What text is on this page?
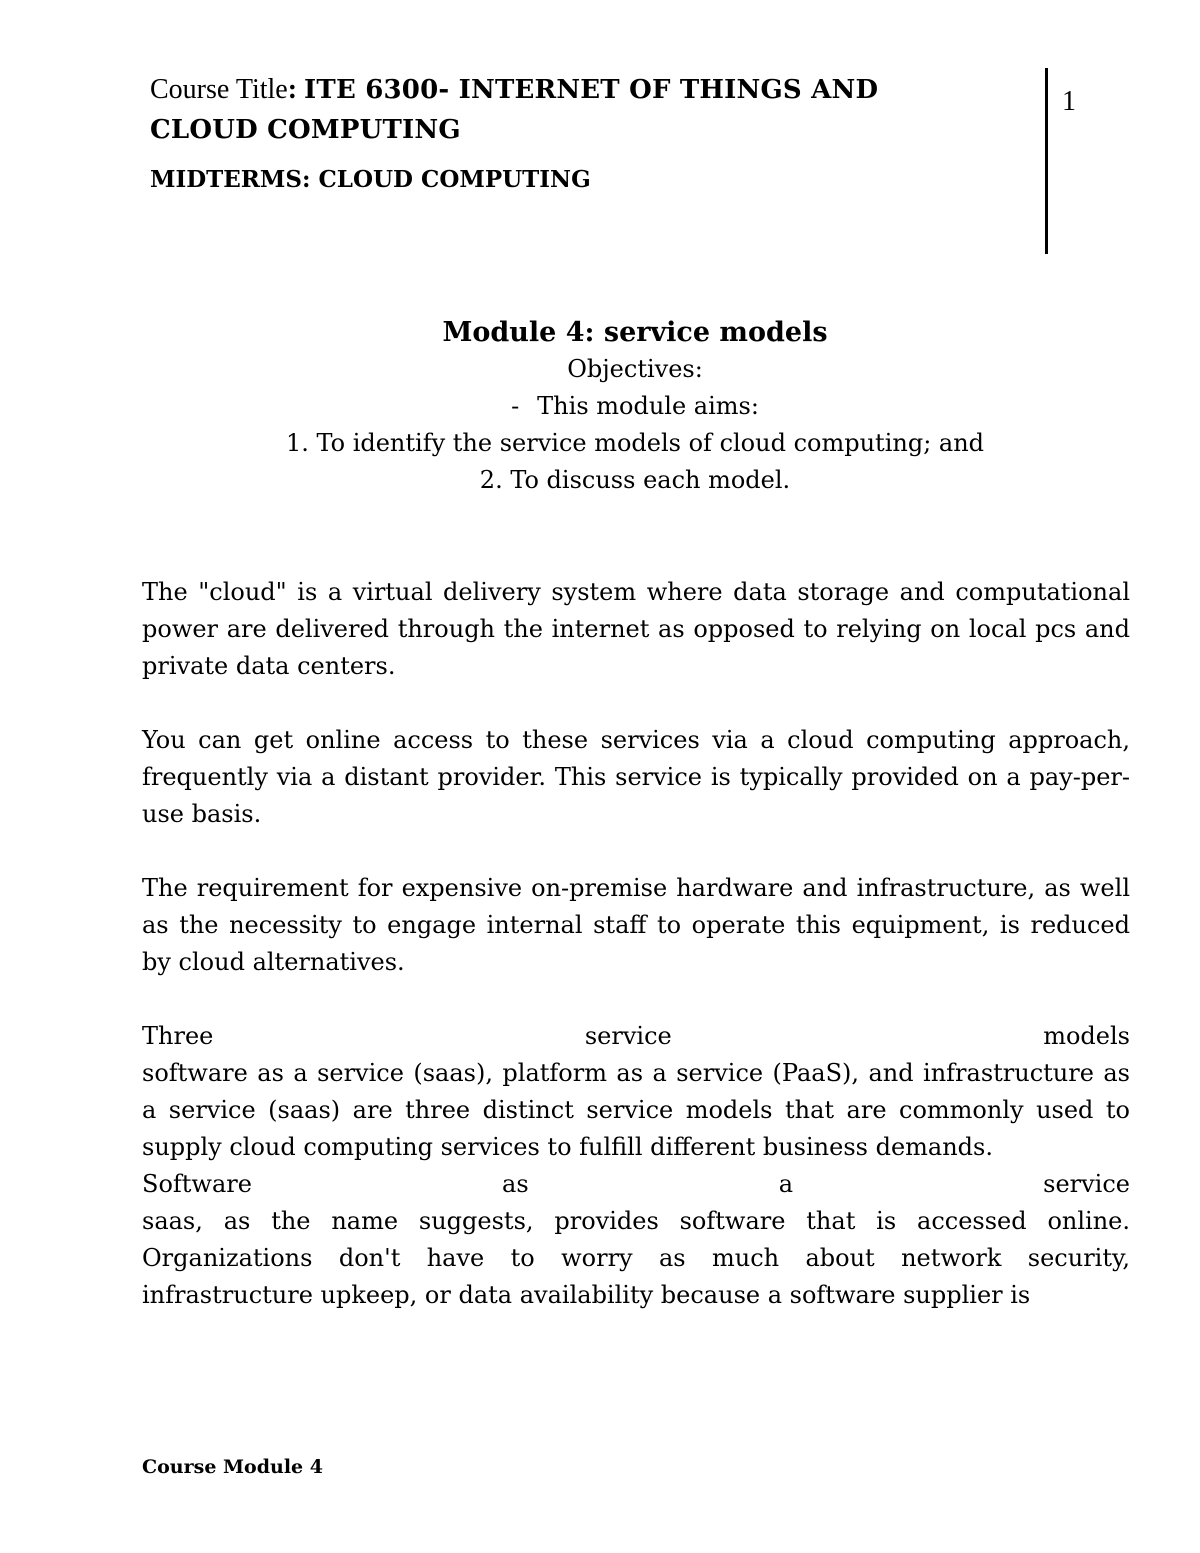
Course Title: ITE 6300- INTERNET OF THINGS AND
CLOUD COMPUTING
MIDTERMS: CLOUD COMPUTING
1
Module 4: service models
Objectives:
- This module aims:
1. To identify the service models of cloud computing; and
2. To discuss each model.

The "cloud" is a virtual delivery system where data storage and computational power are delivered through the internet as opposed to relying on local pcs and private data centers.

You can get online access to these services via a cloud computing approach, frequently via a distant provider. This service is typically provided on a pay-per-use basis.

The requirement for expensive on-premise hardware and infrastructure, as well as the necessity to engage internal staff to operate this equipment, is reduced by cloud alternatives.

Three	service	models

software as a service (saas), platform as a service (PaaS), and infrastructure as a service (saas) are three distinct service models that are commonly used to supply cloud computing services to fulfill different business demands.

Software	as	a	service

saas, as the name suggests, provides software that is accessed online. Organizations don't have to worry as much about network security, infrastructure upkeep, or data availability because a software supplier is

Course Module 4
